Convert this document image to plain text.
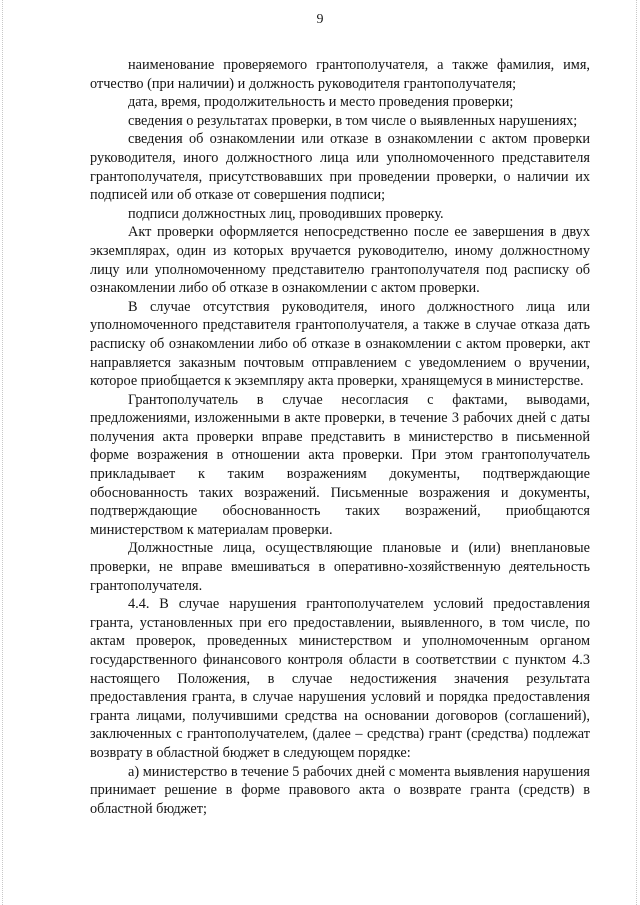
9

наименование проверяемого грантополучателя, а также фамилия, имя, отчество (при наличии) и должность руководителя грантополучателя;

дата, время, продолжительность и место проведения проверки;

сведения о результатах проверки, в том числе о выявленных нарушениях;

сведения об ознакомлении или отказе в ознакомлении с актом проверки руководителя, иного должностного лица или уполномоченного представителя грантополучателя, присутствовавших при проведении проверки, о наличии их подписей или об отказе от совершения подписи;

подписи должностных лиц, проводивших проверку.

Акт проверки оформляется непосредственно после ее завершения в двух экземплярах, один из которых вручается руководителю, иному должностному лицу или уполномоченному представителю грантополучателя под расписку об ознакомлении либо об отказе в ознакомлении с актом проверки.

В случае отсутствия руководителя, иного должностного лица или уполномоченного представителя грантополучателя, а также в случае отказа дать расписку об ознакомлении либо об отказе в ознакомлении с актом проверки, акт направляется заказным почтовым отправлением с уведомлением о вручении, которое приобщается к экземпляру акта проверки, хранящемуся в министерстве.

Грантополучатель в случае несогласия с фактами, выводами, предложениями, изложенными в акте проверки, в течение 3 рабочих дней с даты получения акта проверки вправе представить в министерство в письменной форме возражения в отношении акта проверки. При этом грантополучатель прикладывает к таким возражениям документы, подтверждающие обоснованность таких возражений. Письменные возражения и документы, подтверждающие обоснованность таких возражений, приобщаются министерством к материалам проверки.

Должностные лица, осуществляющие плановые и (или) внеплановые проверки, не вправе вмешиваться в оперативно-хозяйственную деятельность грантополучателя.

4.4. В случае нарушения грантополучателем условий предоставления гранта, установленных при его предоставлении, выявленного, в том числе, по актам проверок, проведенных министерством и уполномоченным органом государственного финансового контроля области в соответствии с пунктом 4.3 настоящего Положения, в случае недостижения значения результата предоставления гранта, в случае нарушения условий и порядка предоставления гранта лицами, получившими средства на основании договоров (соглашений), заключенных с грантополучателем, (далее – средства) грант (средства) подлежат возврату в областной бюджет в следующем порядке:

а) министерство в течение 5 рабочих дней с момента выявления нарушения принимает решение в форме правового акта о возврате гранта (средств) в областной бюджет;
